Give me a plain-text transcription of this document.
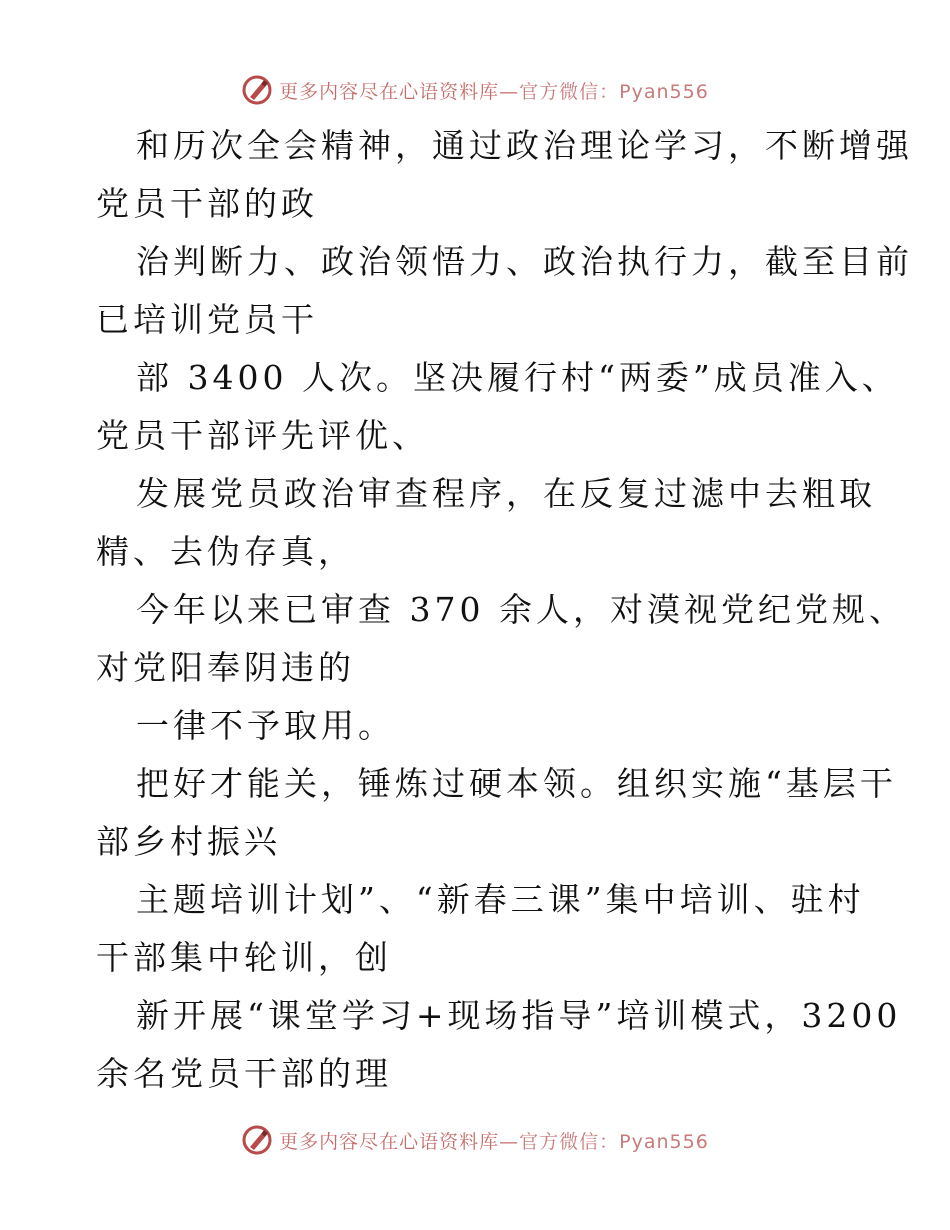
更多内容尽在心语资料库—官方微信：Pyan556
和历次全会精神，通过政治理论学习，不断增强
党员干部的政
治判断力、政治领悟力、政治执行力，截至目前
已培训党员干
部 3400 人次。坚决履行村“两委”成员准入、
党员干部评先评优、
发展党员政治审查程序，在反复过滤中去粗取
精、去伪存真，
今年以来已审查 370 余人，对漠视党纪党规、
对党阳奉阴违的
一律不予取用。
把好才能关，锤炼过硬本领。组织实施“基层干
部乡村振兴
主题培训计划”、“新春三课”集中培训、驻村
干部集中轮训，创
新开展“课堂学习+现场指导”培训模式，3200
余名党员干部的理
更多内容尽在心语资料库—官方微信：Pyan556
